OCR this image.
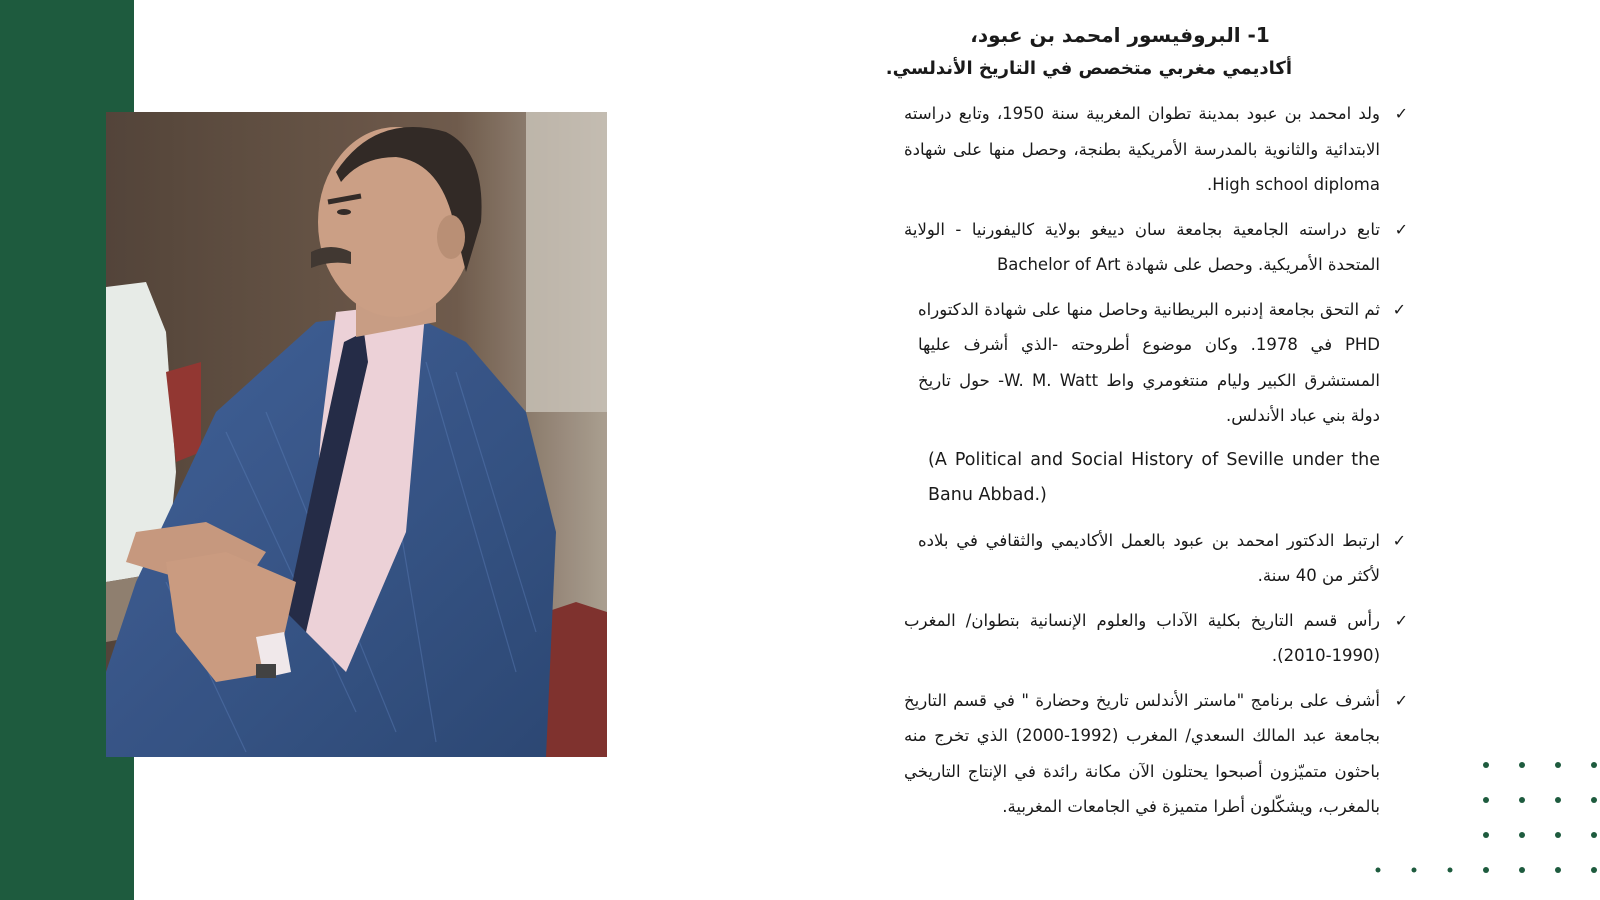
1- البروفيسور امحمد بن عبود،

أكاديمي مغربي متخصص في التاريخ الأندلسي.

✓
ولد امحمد بن عبود بمدينة تطوان المغربية سنة 1950، وتابع دراسته الابتدائية والثانوية بالمدرسة الأمريكية بطنجة، وحصل منها على شهادة High school diploma.
✓
تابع دراسته الجامعية بجامعة سان دييغو بولاية كاليفورنيا - الولاية المتحدة الأمريكية. وحصل على شهادة Bachelor of Art
✓
ثم التحق بجامعة إدنبره البريطانية وحاصل منها على شهادة الدكتوراه PHD في 1978. وكان موضوع أطروحته -الذي أشرف عليها المستشرق الكبير وليام منتغومري واط W. M. Watt- حول تاريخ دولة بني عباد الأندلس.
(A Political and Social History of Seville under the Banu Abbad.)
✓
ارتبط الدكتور امحمد بن عبود بالعمل الأكاديمي والثقافي في بلاده لأكثر من 40 سنة.
✓
رأس قسم التاريخ بكلية الآداب والعلوم الإنسانية بتطوان/ المغرب (1990-2010).
✓
أشرف على برنامج "ماستر الأندلس تاريخ وحضارة " في قسم التاريخ بجامعة عبد المالك السعدي/ المغرب (1992-2000) الذي تخرج منه باحثون متميّزون أصبحوا يحتلون الآن مكانة رائدة في الإنتاج التاريخي بالمغرب، ويشكّلون أطرا متميزة في الجامعات المغربية.
